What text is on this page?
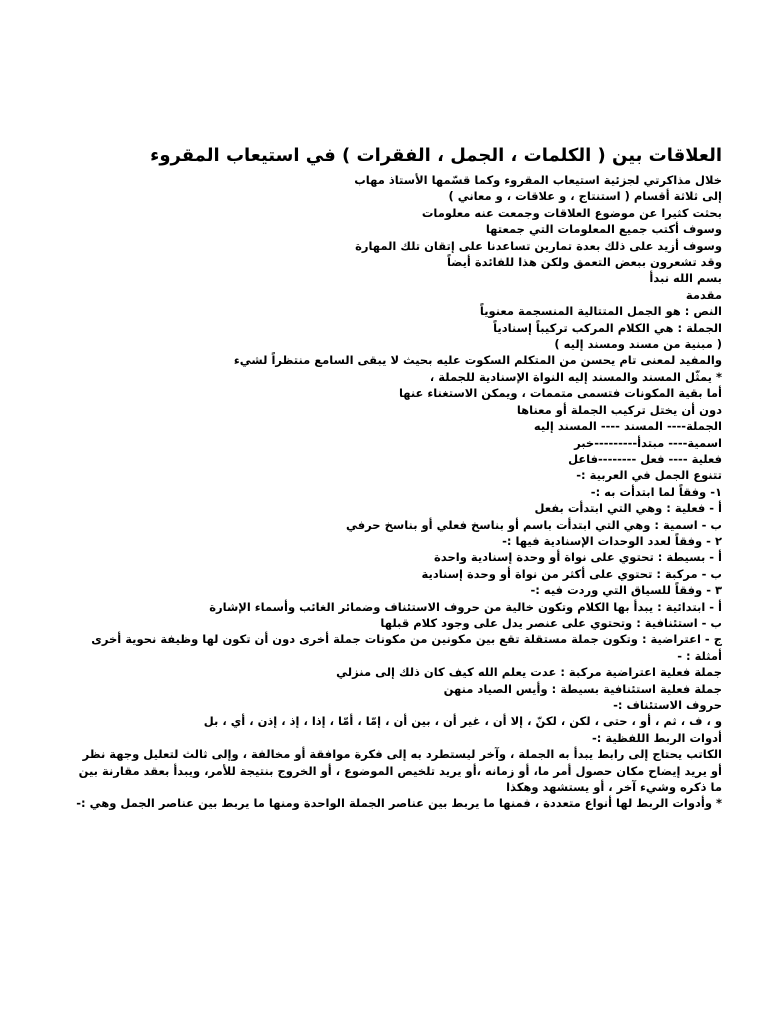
العلاقات بين ( الكلمات ، الجمل ، الفقرات ) في استيعاب المقروء
خلال مذاكرتي لجزئية استيعاب المقروء وكما قسّمها الأستاذ مهاب
إلى ثلاثة أقسام ( استنتاج ، و علاقات ، و معاني )
بحثت كثيرا عن موضوع العلاقات وجمعت عنه معلومات
وسوف أكتب جميع المعلومات التي جمعتها
وسوف أزيد على ذلك بعدة تمارين تساعدنا على إتقان تلك المهارة
وقد تشعرون ببعض التعمق ولكن هذا للفائدة أيضاً
بسم الله نبدأ
مقدمة
النص : هو الجمل المتتالية المنسجمة معنوياً
الجملة : هي الكلام المركب تركيباً إسنادياً
( مبنية من مسند ومسند إليه )
والمفيد لمعنى تام يحسن من المتكلم السكوت عليه بحيث لا يبقى السامع منتظراً لشيء
* يمثّل المسند والمسند إليه النواة الإسنادية للجملة ،
أما بقية المكونات فتسمى متممات ، ويمكن الاستغناء عنها
دون أن يختل تركيب الجملة أو معناها
الجملة---- المسند ---- المسند إليه
اسمية---- مبتدأ---------خبر
فعلية ---- فعل --------فاعل
تتنوع الجمل في العربية :-
١- وفقاً لما ابتدأت به :-
أ - فعلية : وهي التي ابتدأت بفعل
ب - اسمية : وهي التي ابتدأت باسم أو بناسخ فعلي أو بناسخ حرفي
٢ - وفقاً لعدد الوحدات الإسنادية فيها :-
أ - بسيطة : تحتوي على نواة أو وحدة إسنادية واحدة
ب - مركبة : تحتوي على أكثر من نواة أو وحدة إسنادية
٣ - وفقاً للسياق التي وردت فيه :-
أ - ابتدائية : يبدأ بها الكلام وتكون خالية من حروف الاستئناف وضمائر الغائب وأسماء الإشارة
ب - استئنافية : وتحتوي على عنصر يدل على وجود كلام قبلها
ج - اعتراضية : وتكون جملة مستقلة تقع بين مكونين من مكونات جملة أخرى دون أن تكون لها وظيفة نحوية أخرى
أمثلة : -
جملة فعلية اعتراضية مركبة : عدت يعلم الله كيف كان ذلك إلى منزلي
جملة فعلية استئنافية بسيطة : وأيس الصياد منهن
حروف الاستئناف :-
و ، ف ، ثم ، أو ، حتى ، لكن ، لكنّ ، إلا أن ، غير أن ، بين أن ، إمّا ، أمّا ، إذا ، إذ ، إذن ، أي ، بل
أدوات الربط اللفظية :-
الكاتب يحتاج إلى رابط يبدأ به الجملة ، وآخر ليستطرد به إلى فكرة موافقة أو مخالفة ، وإلى ثالث لتعليل وجهة نظر أو يريد إيضاح مكان حصول أمر ما، أو زمانه ،أو يريد تلخيص الموضوع ، أو الخروج بنتيجة للأمر، ويبدأ بعقد مقارنة بين ما ذكره وشيء آخر ، أو يستشهد وهكذا
* وأدوات الربط لها أنواع متعددة ، فمنها ما يربط بين عناصر الجملة الواحدة ومنها ما يربط بين عناصر الجمل وهي :-
